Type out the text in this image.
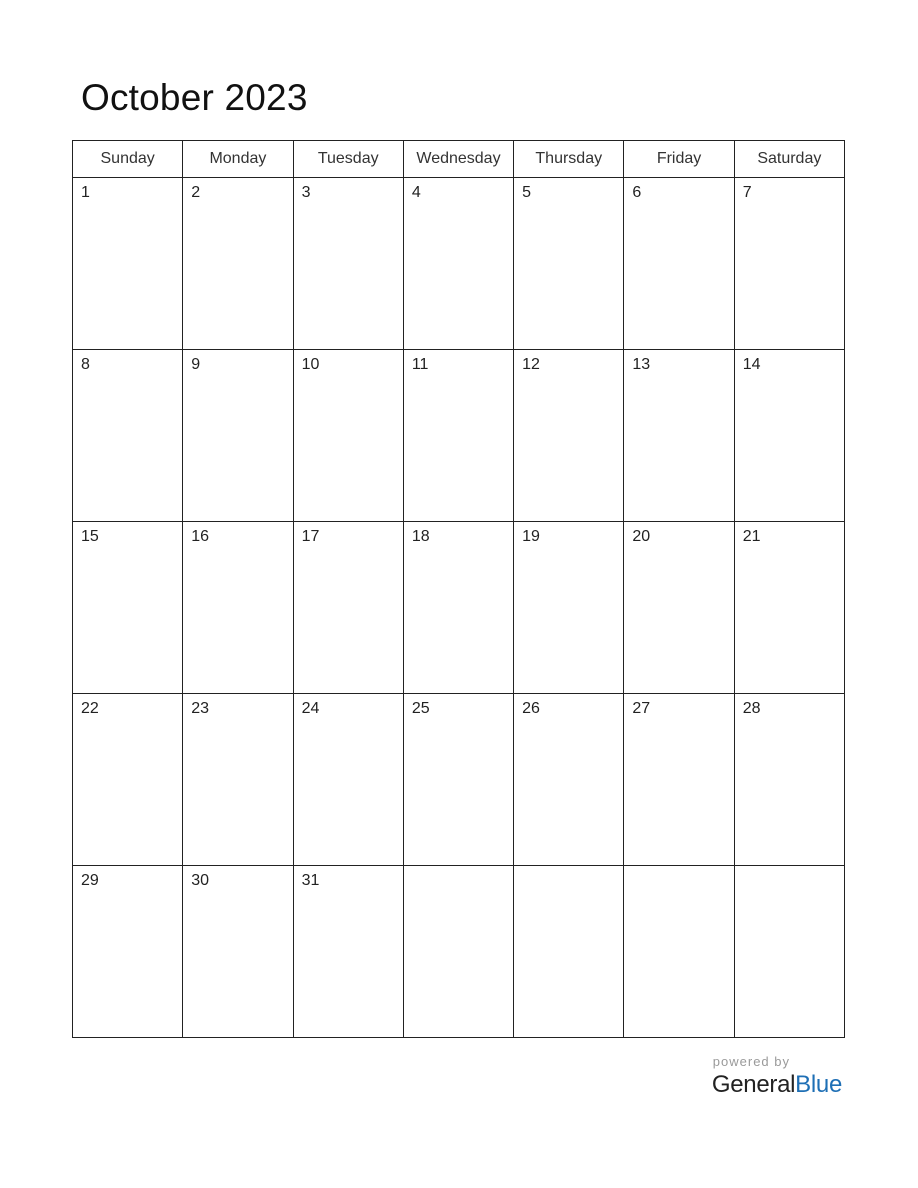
October 2023
Sunday	Monday	Tuesday	Wednesday	Thursday	Friday	Saturday

1	2	3	4	5	6	7

8	9	10	11	12	13	14

15	16	17	18	19	20	21

22	23	24	25	26	27	28

29	30	31				

powered by
GeneralBlue
